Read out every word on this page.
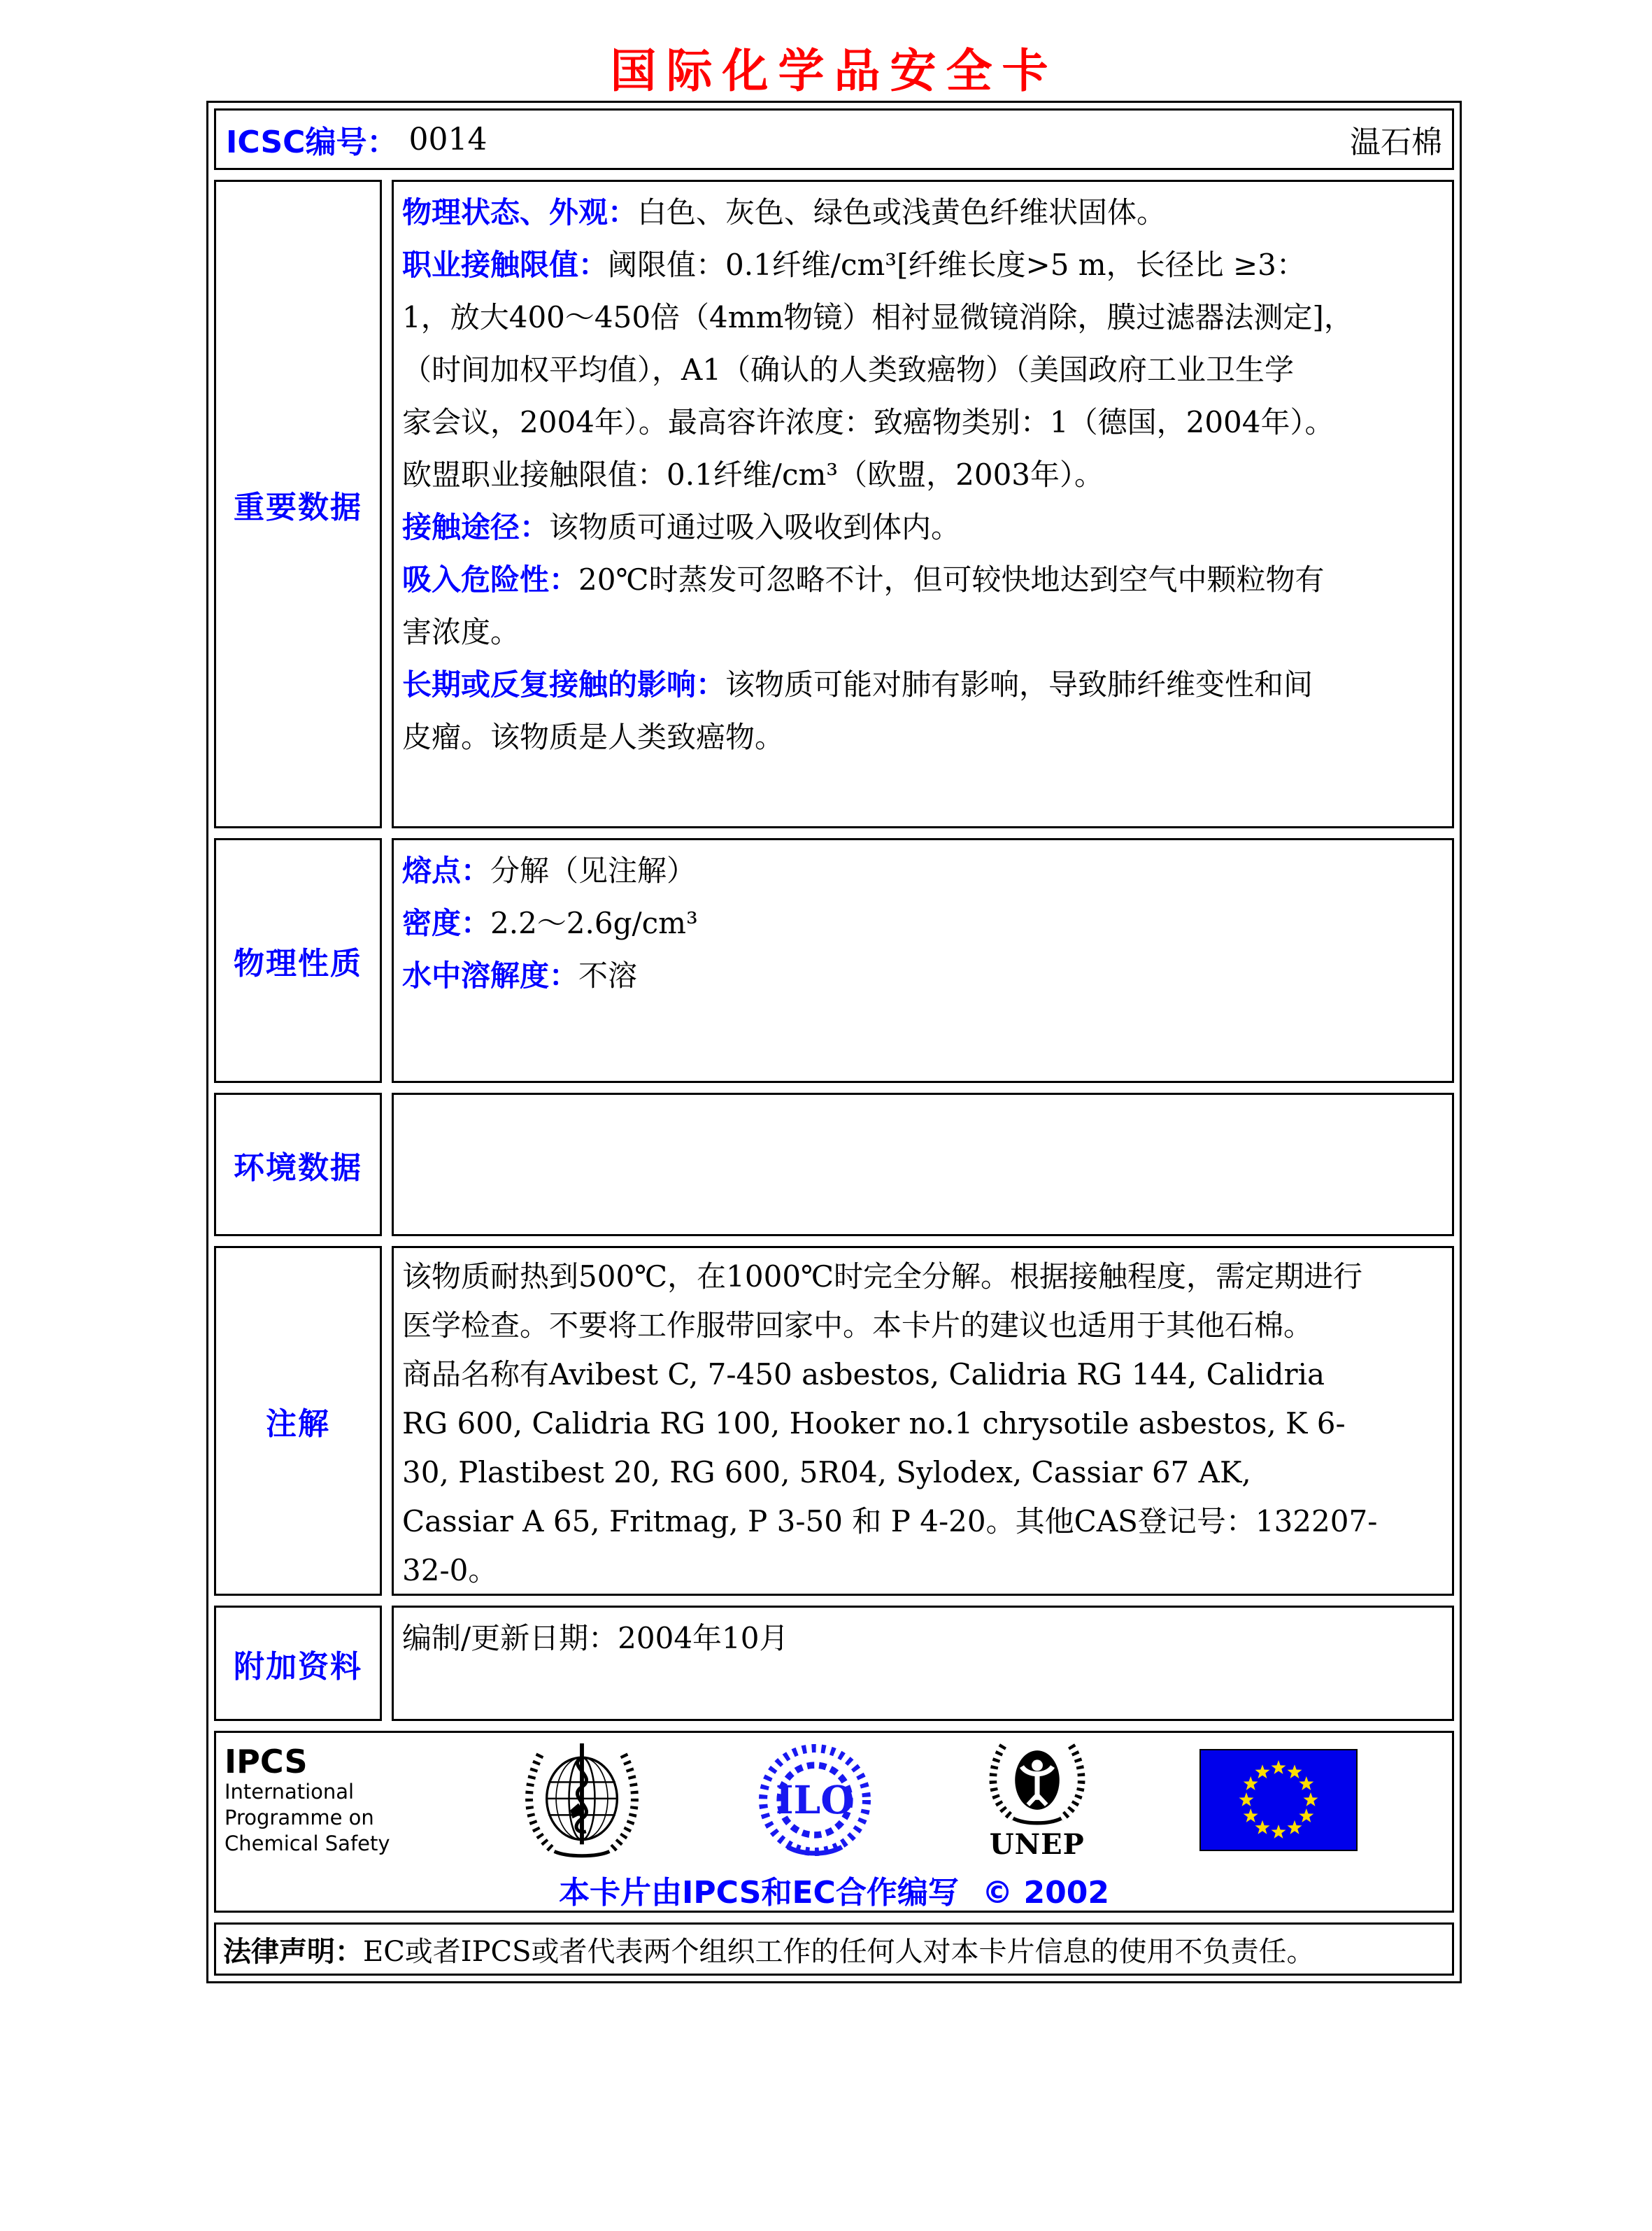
国际化学品安全卡
ICSC编号： 0014	温石棉
重要数据
物理状态、外观：白色、灰色、绿色或浅黄色纤维状固体。
职业接触限值：阈限值：0.1纤维/cm³[纤维长度>5 m，长径比 ≥3：
1，放大400～450倍（4mm物镜）相衬显微镜消除，膜过滤器法测定]，
（时间加权平均值），A1（确认的人类致癌物）（美国政府工业卫生学
家会议，2004年）。最高容许浓度：致癌物类别：1（德国，2004年）。
欧盟职业接触限值：0.1纤维/cm³（欧盟，2003年）。
接触途径：该物质可通过吸入吸收到体内。
吸入危险性：20℃时蒸发可忽略不计，但可较快地达到空气中颗粒物有
害浓度。
长期或反复接触的影响：该物质可能对肺有影响，导致肺纤维变性和间
皮瘤。该物质是人类致癌物。
物理性质
熔点：分解（见注解）
密度：2.2～2.6g/cm³
水中溶解度：不溶
环境数据
注解
该物质耐热到500℃，在1000℃时完全分解。根据接触程度，需定期进行
医学检查。不要将工作服带回家中。本卡片的建议也适用于其他石棉。
商品名称有Avibest C, 7-450 asbestos, Calidria RG 144, Calidria
RG 600, Calidria RG 100, Hooker no.1 chrysotile asbestos, K 6-
30, Plastibest 20, RG 600, 5R04, Sylodex, Cassiar 67 AK,
Cassiar A 65, Fritmag, P 3-50 和 P 4-20。其他CAS登记号：132207-
32-0。
附加资料
编制/更新日期：2004年10月
IPCS
International
Programme on
Chemical Safety
ILO
UNEP
本卡片由IPCS和EC合作编写 © 2002
法律声明： EC或者IPCS或者代表两个组织工作的任何人对本卡片信息的使用不负责任。
